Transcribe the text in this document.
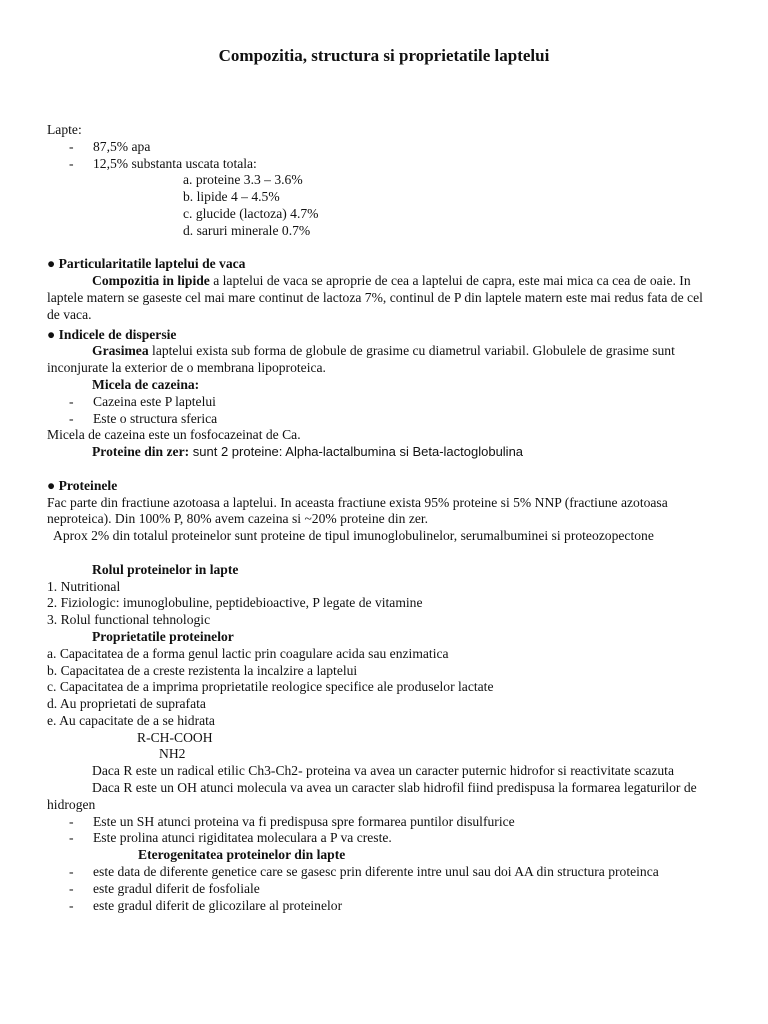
Compozitia, structura si proprietatile laptelui

Lapte:

-	87,5% apa
-	12,5% substanta uscata totala:

a. proteine 3.3 – 3.6%

b. lipide 4 – 4.5%

c. glucide (lactoza) 4.7%

d. saruri minerale 0.7%

● Particularitatile laptelui de vaca

Compozitia in lipide a laptelui de vaca se aproprie de cea a laptelui de capra, este mai mica ca cea de oaie. In laptele matern se gaseste cel mai mare continut de lactoza 7%, continul de P din laptele matern este mai redus fata de cel de vaca.

● Indicele de dispersie

Grasimea laptelui exista sub forma de globule de grasime cu diametrul variabil. Globulele de grasime sunt inconjurate la exterior de o membrana lipoproteica.

Micela de cazeina:

-	Cazeina este P laptelui
-	Este o structura sferica

Micela de cazeina este un fosfocazeinat de Ca.

Proteine din zer: sunt 2 proteine: Alpha-lactalbumina si Beta-lactoglobulina

● Proteinele

Fac parte din fractiune azotoasa a laptelui. In aceasta fractiune exista 95% proteine si 5% NNP (fractiune azotoasa neproteica). Din 100% P, 80% avem cazeina si ~20% proteine din zer.

Aprox 2% din totalul proteinelor sunt proteine de tipul imunoglobulinelor, serumalbuminei si proteozopectone

Rolul proteinelor in lapte

1. Nutritional

2. Fiziologic: imunoglobuline, peptidebioactive, P legate de vitamine

3. Rolul functional tehnologic

Proprietatile proteinelor

a. Capacitatea de a forma genul lactic prin coagulare acida sau enzimatica

b. Capacitatea de a creste rezistenta la incalzire a laptelui

c. Capacitatea de a imprima proprietatile reologice specifice ale produselor lactate

d. Au proprietati de suprafata

e. Au capacitate de a se hidrata

R-CH-COOH

NH2

Daca R este un radical etilic Ch3-Ch2- proteina va avea un caracter puternic hidrofor si reactivitate scazuta

Daca R este un OH atunci molecula va avea un caracter slab hidrofil fiind predispusa la formarea legaturilor de hidrogen

-	Este un SH atunci proteina va fi predispusa spre formarea puntilor disulfurice
-	Este prolina atunci rigiditatea moleculara a P va creste.

Eterogenitatea proteinelor din lapte

-	este data de diferente genetice care se gasesc prin diferente intre unul sau doi AA din structura proteinca
-	este gradul diferit de fosfoliale
-	este gradul diferit de glicozilare al proteinelor
